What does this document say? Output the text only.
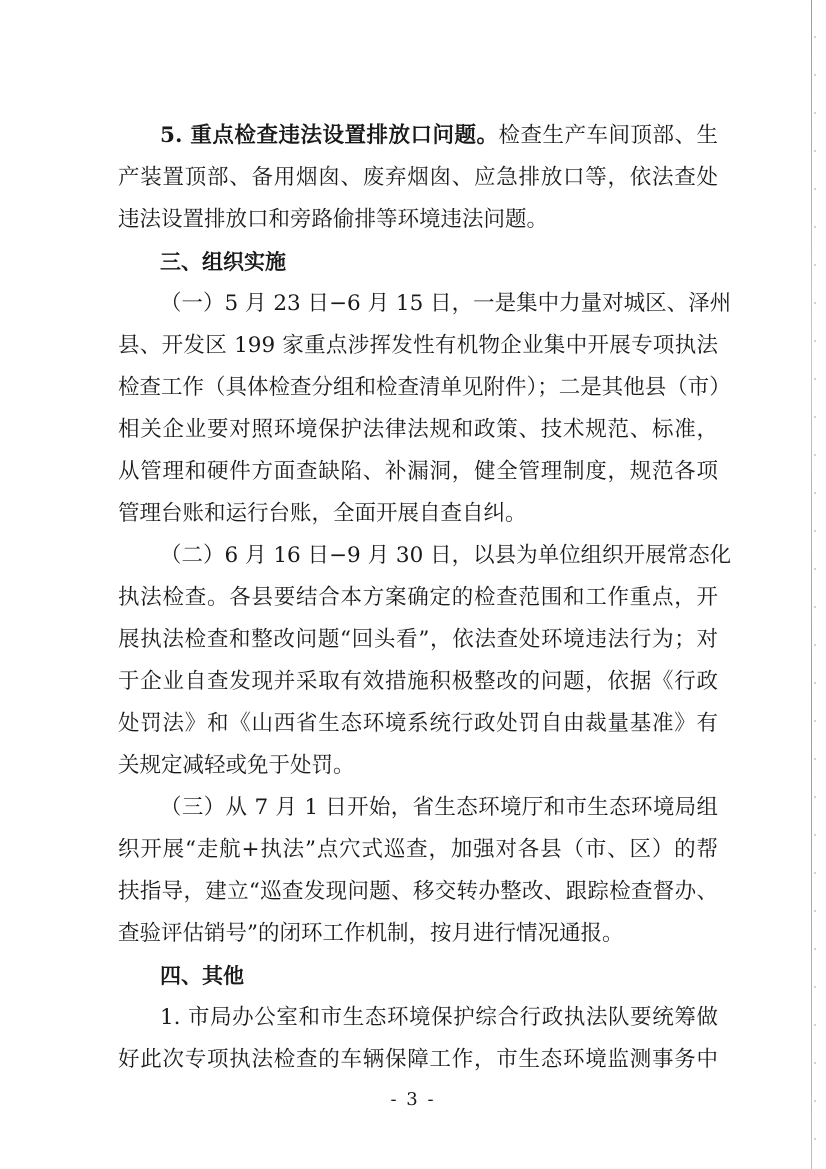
5. 重点检查违法设置排放口问题。检查生产车间顶部、生
产装置顶部、备用烟囱、废弃烟囱、应急排放口等，依法查处
违法设置排放口和旁路偷排等环境违法问题。
三、组织实施
（一）5 月 23 日−6 月 15 日，一是集中力量对城区、泽州
县、开发区 199 家重点涉挥发性有机物企业集中开展专项执法
检查工作（具体检查分组和检查清单见附件）；二是其他县（市）
相关企业要对照环境保护法律法规和政策、技术规范、标准，
从管理和硬件方面查缺陷、补漏洞，健全管理制度，规范各项
管理台账和运行台账，全面开展自查自纠。
（二）6 月 16 日−9 月 30 日，以县为单位组织开展常态化
执法检查。各县要结合本方案确定的检查范围和工作重点，开
展执法检查和整改问题“回头看”，依法查处环境违法行为；对
于企业自查发现并采取有效措施积极整改的问题，依据《行政
处罚法》和《山西省生态环境系统行政处罚自由裁量基准》有
关规定减轻或免于处罚。
（三）从 7 月 1 日开始，省生态环境厅和市生态环境局组
织开展“走航+执法”点穴式巡查，加强对各县（市、区）的帮
扶指导，建立“巡查发现问题、移交转办整改、跟踪检查督办、
查验评估销号”的闭环工作机制，按月进行情况通报。
四、其他
1. 市局办公室和市生态环境保护综合行政执法队要统筹做
好此次专项执法检查的车辆保障工作，市生态环境监测事务中
- 3 -
